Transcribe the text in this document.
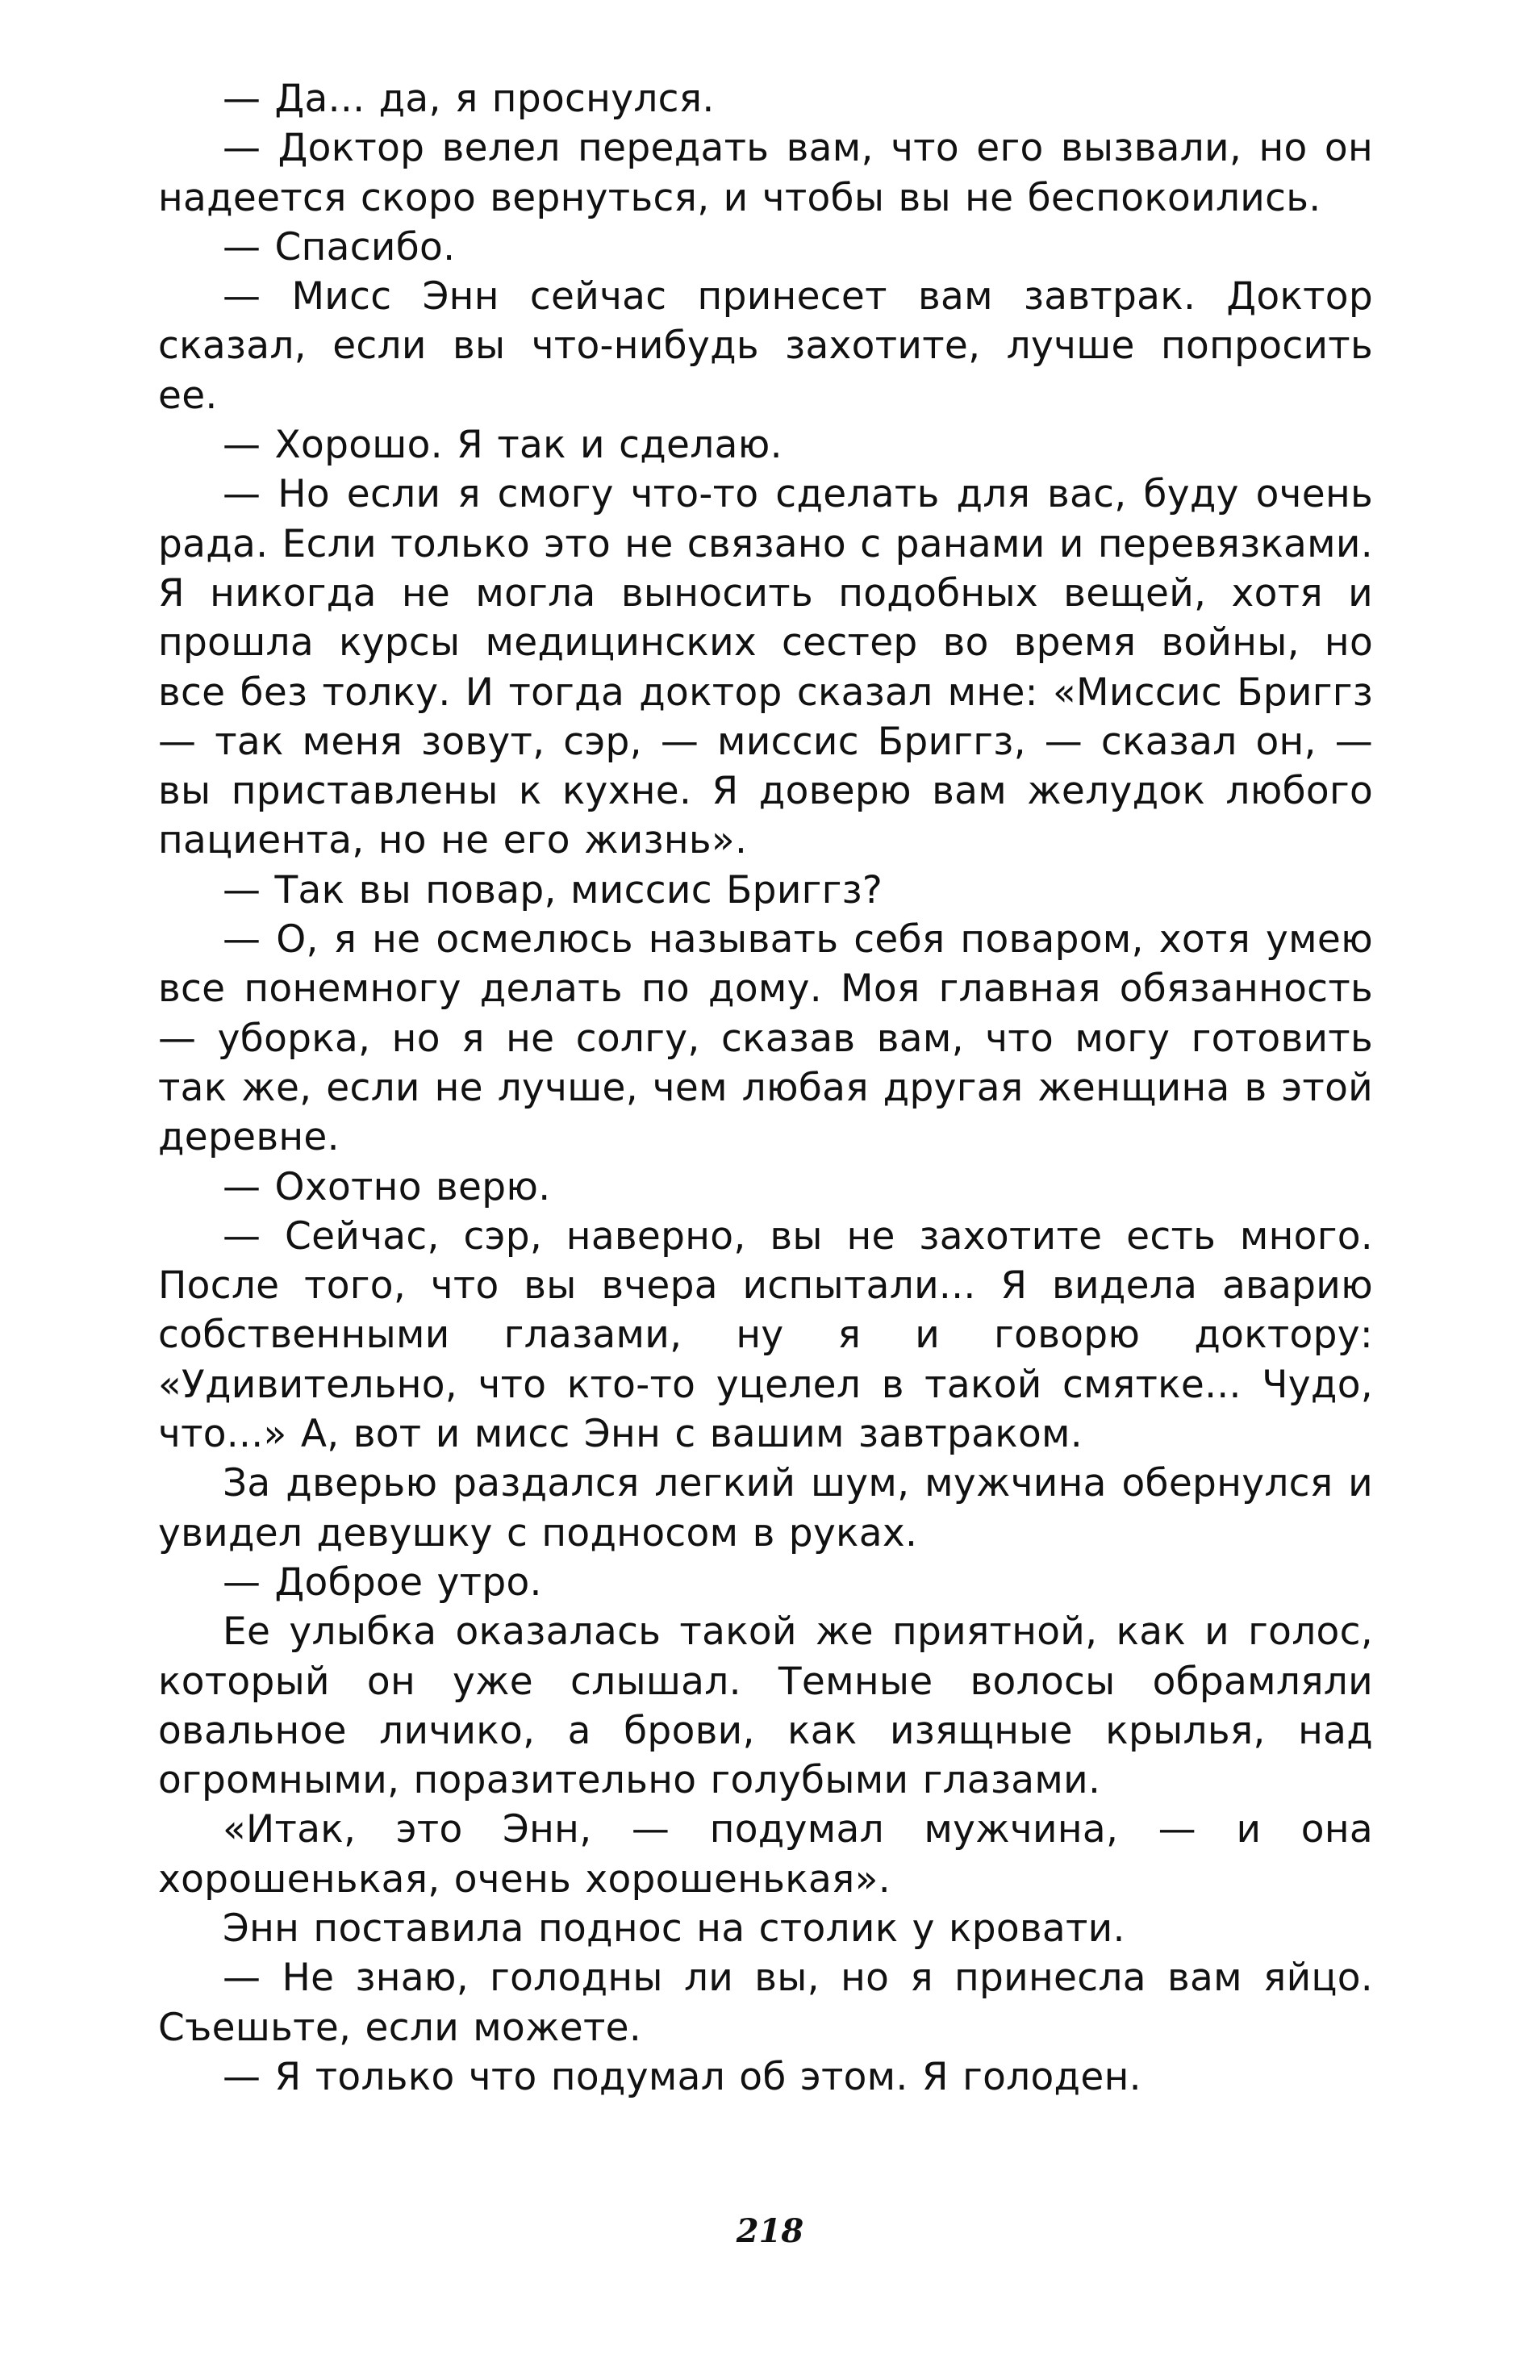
— Да... да, я проснулся.

— Доктор велел передать вам, что его вызвали, но он надеется скоро вернуться, и чтобы вы не беспокоились.

— Спасибо.

— Мисс Энн сейчас принесет вам завтрак. Доктор сказал, если вы что-нибудь захотите, лучше попросить ее.

— Хорошо. Я так и сделаю.

— Но если я смогу что-то сделать для вас, буду очень рада. Если только это не связано с ранами и перевязками. Я никогда не могла выносить подобных вещей, хотя и прошла курсы медицинских сестер во время войны, но все без толку. И тогда доктор сказал мне: «Миссис Бриггз — так меня зовут, сэр, — миссис Бриггз, — сказал он, — вы приставлены к кухне. Я доверю вам желудок любого пациента, но не его жизнь».

— Так вы повар, миссис Бриггз?

— О, я не осмелюсь называть себя поваром, хотя умею все понемногу делать по дому. Моя главная обязанность — уборка, но я не солгу, сказав вам, что могу готовить так же, если не лучше, чем любая другая женщина в этой деревне.

— Охотно верю.

— Сейчас, сэр, наверно, вы не захотите есть много. После того, что вы вчера испытали... Я видела аварию собственными глазами, ну я и говорю доктору: «Удивительно, что кто-то уцелел в такой смятке... Чудо, что...» А, вот и мисс Энн с вашим завтраком.

За дверью раздался легкий шум, мужчина обернулся и увидел девушку с подносом в руках.

— Доброе утро.

Ее улыбка оказалась такой же приятной, как и голос, который он уже слышал. Темные волосы обрамляли овальное личико, а брови, как изящные крылья, над огромными, поразительно голубыми глазами.

«Итак, это Энн, — подумал мужчина, — и она хорошенькая, очень хорошенькая».

Энн поставила поднос на столик у кровати.

— Не знаю, голодны ли вы, но я принесла вам яйцо. Съешьте, если можете.

— Я только что подумал об этом. Я голоден.

218
